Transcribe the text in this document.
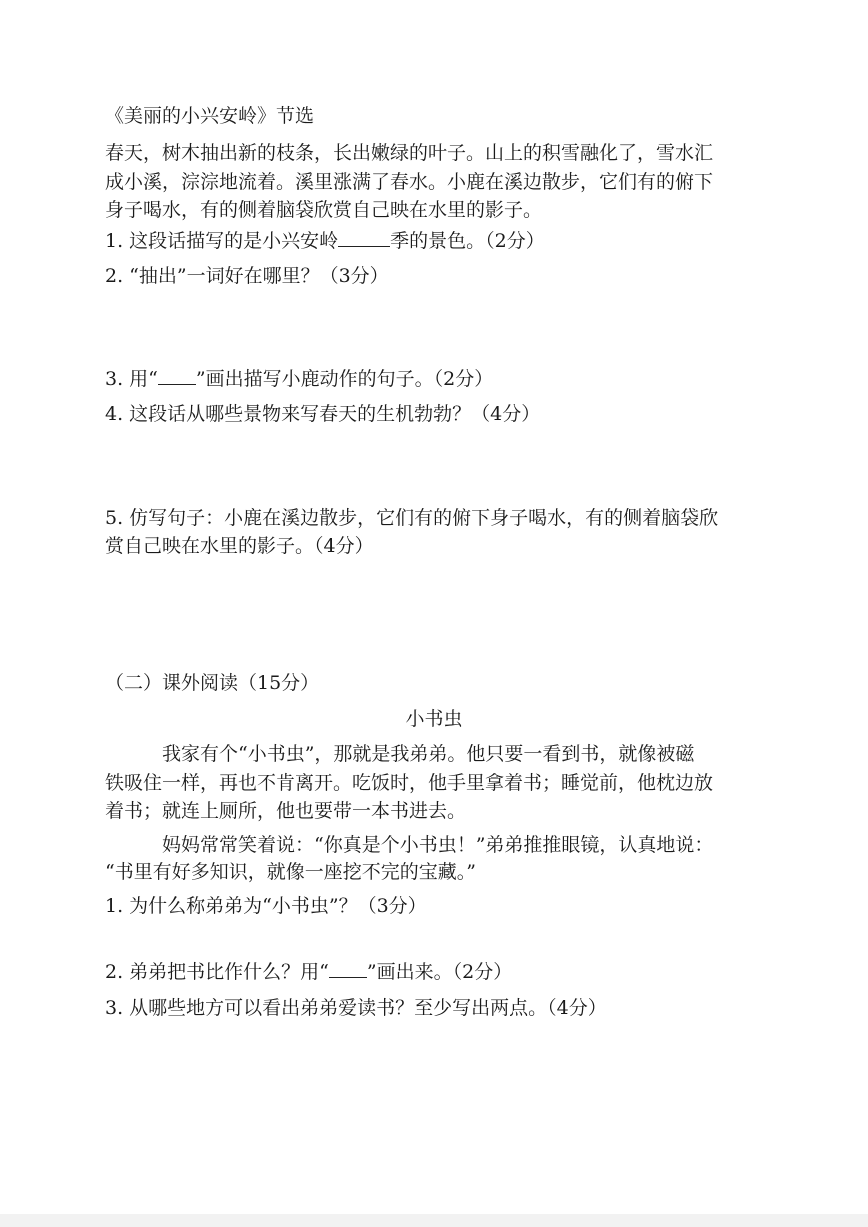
《美丽的小兴安岭》节选
春天，树木抽出新的枝条，长出嫩绿的叶子。山上的积雪融化了，雪水汇
成小溪，淙淙地流着。溪里涨满了春水。小鹿在溪边散步，它们有的俯下
身子喝水，有的侧着脑袋欣赏自己映在水里的影子。
1. 这段话描写的是小兴安岭	季的景色。（2分）
2. “抽出”一词好在哪里？（3分）
3. 用“ ”画出描写小鹿动作的句子。（2分）
4. 这段话从哪些景物来写春天的生机勃勃？（4分）
5. 仿写句子：小鹿在溪边散步，它们有的俯下身子喝水，有的侧着脑袋欣
赏自己映在水里的影子。（4分）
（二）课外阅读（15分）
小书虫
我家有个“小书虫”，那就是我弟弟。他只要一看到书，就像被磁
铁吸住一样，再也不肯离开。吃饭时，他手里拿着书；睡觉前，他枕边放
着书；就连上厕所，他也要带一本书进去。
妈妈常常笑着说：“你真是个小书虫！”弟弟推推眼镜，认真地说：
“书里有好多知识，就像一座挖不完的宝藏。”
1. 为什么称弟弟为“小书虫”？（3分）
2. 弟弟把书比作什么？用“ ”画出来。（2分）
3. 从哪些地方可以看出弟弟爱读书？至少写出两点。（4分）
